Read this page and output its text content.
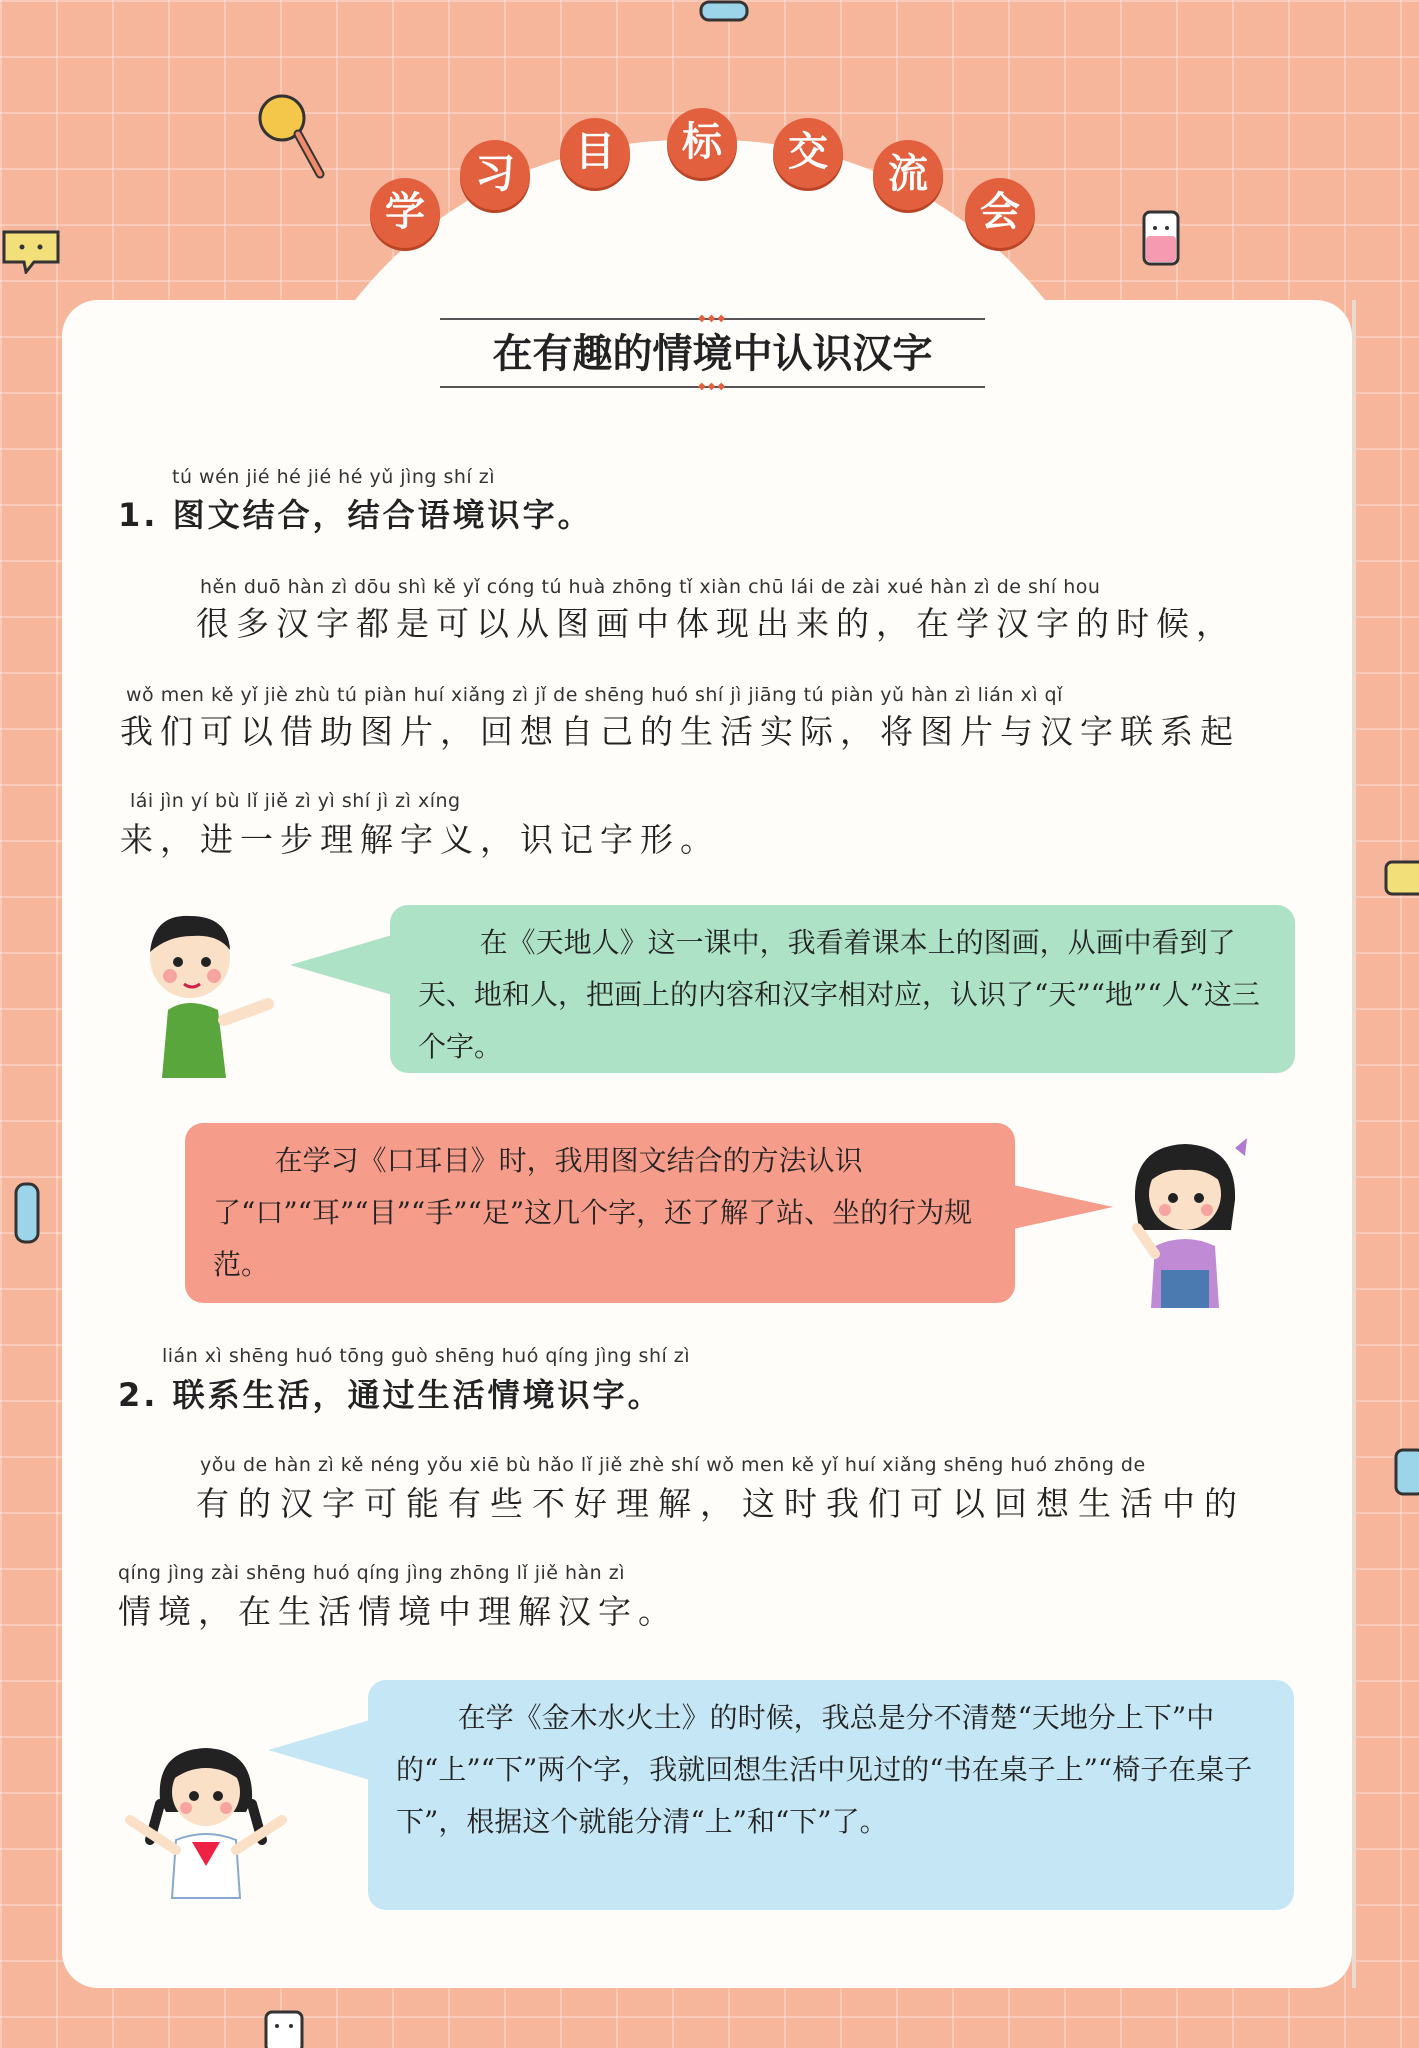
学
习	目	标	交	流
会
◆◆◆
在有趣的情境中认识汉字
◆◆◆
tú wén jié hé jié hé yǔ jìng shí zì
1. 图文结合，结合语境识字。
hěn duō hàn zì dōu shì kě yǐ cóng tú huà zhōng tǐ xiàn chū lái de zài xué hàn zì de shí hou
很多汉字都是可以从图画中体现出来的，在学汉字的时候，
wǒ men kě yǐ jiè zhù tú piàn huí xiǎng zì jǐ de shēng huó shí jì jiāng tú piàn yǔ hàn zì lián xì qǐ
我们可以借助图片，回想自己的生活实际，将图片与汉字联系起
lái jìn yí bù lǐ jiě zì yì shí jì zì xíng
来，进一步理解字义，识记字形。

在《天地人》这一课中，我看着课本上的图画，从画中看到了天、地和人，把画上的内容和汉字相对应，认识了“天”“地”“人”这三个字。

在学习《口耳目》时，我用图文结合的方法认识了“口”“耳”“目”“手”“足”这几个字，还了解了站、坐的行为规范。

lián xì shēng huó tōng guò shēng huó qíng jìng shí zì
2. 联系生活，通过生活情境识字。
yǒu de hàn zì kě néng yǒu xiē bù hǎo lǐ jiě zhè shí wǒ men kě yǐ huí xiǎng shēng huó zhōng de
有的汉字可能有些不好理解，这时我们可以回想生活中的
qíng jìng zài shēng huó qíng jìng zhōng lǐ jiě hàn zì
情境，在生活情境中理解汉字。

在学《金木水火土》的时候，我总是分不清楚“天地分上下”中的“上”“下”两个字，我就回想生活中见过的“书在桌子上”“椅子在桌子下”，根据这个就能分清“上”和“下”了。
